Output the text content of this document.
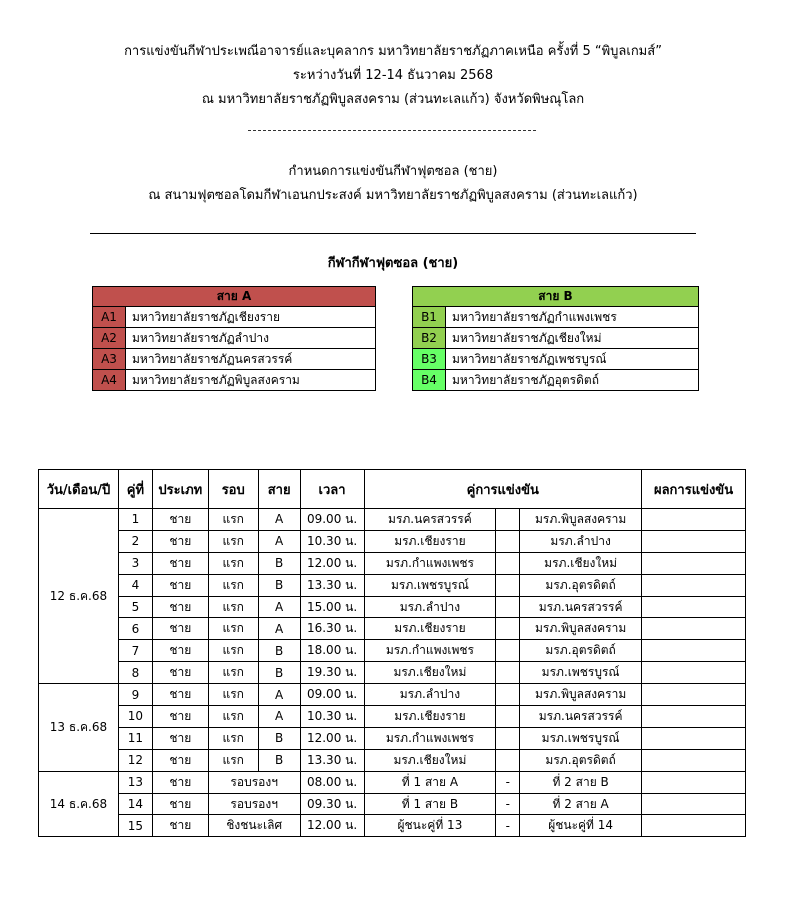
การแข่งขันกีฬาประเพณีอาจารย์และบุคลากร มหาวิทยาลัยราชภัฏภาคเหนือ ครั้งที่ 5 “พิบูลเกมส์”
ระหว่างวันที่ 12-14 ธันวาคม 2568
ณ มหาวิทยาลัยราชภัฏพิบูลสงคราม (ส่วนทะเลแก้ว) จังหวัดพิษณุโลก
กำหนดการแข่งขันกีฬาฟุตซอล (ชาย)
ณ สนามฟุตซอลโดมกีฬาเอนกประสงค์ มหาวิทยาลัยราชภัฏพิบูลสงคราม (ส่วนทะเลแก้ว)
กีฬากีฬาฟุตซอล (ชาย)
สาย A	
A1	มหาวิทยาลัยราชภัฏเชียงราย
A2	มหาวิทยาลัยราชภัฏลำปาง
A3	มหาวิทยาลัยราชภัฏนครสวรรค์
A4	มหาวิทยาลัยราชภัฏพิบูลสงคราม
สาย B	
B1	มหาวิทยาลัยราชภัฏกำแพงเพชร
B2	มหาวิทยาลัยราชภัฏเชียงใหม่
B3	มหาวิทยาลัยราชภัฏเพชรบูรณ์
B4	มหาวิทยาลัยราชภัฏอุตรดิตถ์
วัน/เดือน/ปี	คู่ที่	ประเภท	รอบ	สาย	เวลา	คู่การแข่งขัน			ผลการแข่งขัน
12 ธ.ค.68	1	ชาย	แรก	A	09.00 น.	มรภ.นครสวรรค์		มรภ.พิบูลสงคราม	
	2	ชาย	แรก	A	10.30 น.	มรภ.เชียงราย		มรภ.ลำปาง	
	3	ชาย	แรก	B	12.00 น.	มรภ.กำแพงเพชร		มรภ.เชียงใหม่	
	4	ชาย	แรก	B	13.30 น.	มรภ.เพชรบูรณ์		มรภ.อุตรดิตถ์	
	5	ชาย	แรก	A	15.00 น.	มรภ.ลำปาง		มรภ.นครสวรรค์	
	6	ชาย	แรก	A	16.30 น.	มรภ.เชียงราย		มรภ.พิบูลสงคราม	
	7	ชาย	แรก	B	18.00 น.	มรภ.กำแพงเพชร		มรภ.อุตรดิตถ์	
	8	ชาย	แรก	B	19.30 น.	มรภ.เชียงใหม่		มรภ.เพชรบูรณ์	
13 ธ.ค.68	9	ชาย	แรก	A	09.00 น.	มรภ.ลำปาง		มรภ.พิบูลสงคราม	
	10	ชาย	แรก	A	10.30 น.	มรภ.เชียงราย		มรภ.นครสวรรค์	
	11	ชาย	แรก	B	12.00 น.	มรภ.กำแพงเพชร		มรภ.เพชรบูรณ์	
	12	ชาย	แรก	B	13.30 น.	มรภ.เชียงใหม่		มรภ.อุตรดิตถ์	
14 ธ.ค.68	13	ชาย	รอบรองฯ		08.00 น.	ที่ 1 สาย A	-	ที่ 2 สาย B	
	14	ชาย	รอบรองฯ		09.30 น.	ที่ 1 สาย B	-	ที่ 2 สาย A	
	15	ชาย	ชิงชนะเลิศ		12.00 น.	ผู้ชนะคู่ที่ 13	-	ผู้ชนะคู่ที่ 14	
